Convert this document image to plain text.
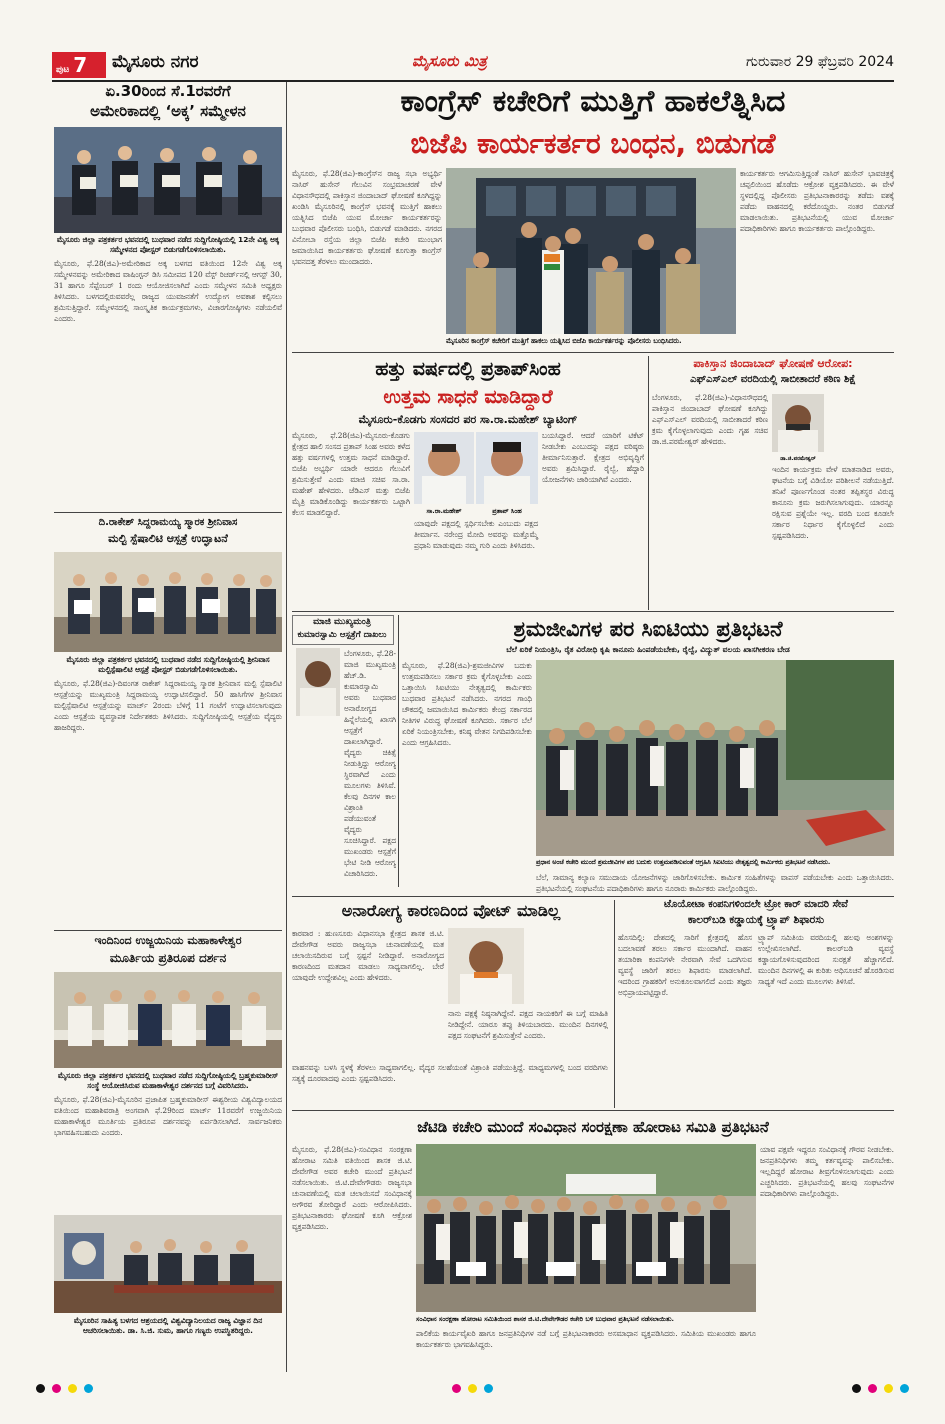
ಪುಟ 7	ಮೈಸೂರು ನಗರ	ಮೈಸೂರು ಮಿತ್ರ	ಗುರುವಾರ 29 ಫೆಬ್ರವರಿ 2024
ಏ.30ರಿಂದ ಸೆ.1ರವರೆಗೆ
ಅಮೇರಿಕಾದಲ್ಲಿ ‘ಅಕ್ಕ’ ಸಮ್ಮೇಳನ
ಮೈಸೂರು ಜಿಲ್ಲಾ ಪತ್ರಕರ್ತರ ಭವನದಲ್ಲಿ ಬುಧವಾರ ನಡೆದ ಸುದ್ದಿಗೋಷ್ಠಿಯಲ್ಲಿ 12ನೇ ವಿಶ್ವ ಅಕ್ಕ ಸಮ್ಮೇಳನದ ಪೋಸ್ಟರ್ ಬಿಡುಗಡೆಗೊಳಿಸಲಾಯಿತು.
ಮೈಸೂರು, ಫೆ.28(ಜಿಎ)-ಅಮೇರಿಕಾದ ಅಕ್ಕ ಬಳಗದ ವತಿಯಿಂದ 12ನೇ ವಿಶ್ವ ಅಕ್ಕ ಸಮ್ಮೇಳನವನ್ನು ಅಮೇರಿಕಾದ ವಾಷಿಂಗ್ಟನ್ ಡಿಸಿ ಸಮೀಪದ 120 ವೆಸ್ಟ್ ರಿಚರ್ಡ್‌ನಲ್ಲಿ ಆಗಸ್ಟ್ 30, 31 ಹಾಗೂ ಸೆಪ್ಟೆಂಬರ್ 1 ರಂದು ಆಯೋಜಿಸಲಾಗಿದೆ ಎಂದು ಸಮ್ಮೇಳನ ಸಮಿತಿ ಅಧ್ಯಕ್ಷರು ತಿಳಿಸಿದರು. ಬಳಗದಲ್ಲಿರುವವರೆಲ್ಲ ರಾಜ್ಯದ ಯುವಜನತೆಗೆ ಉದ್ಯೋಗ ಅವಕಾಶ ಕಲ್ಪಿಸಲು ಶ್ರಮಿಸುತ್ತಿದ್ದಾರೆ. ಸಮ್ಮೇಳನದಲ್ಲಿ ಸಾಂಸ್ಕೃತಿಕ ಕಾರ್ಯಕ್ರಮಗಳು, ವಿಚಾರಗೋಷ್ಠಿಗಳು ನಡೆಯಲಿವೆ ಎಂದರು.
ದಿ.ರಾಕೇಶ್ ಸಿದ್ದರಾಮಯ್ಯ ಸ್ಮಾರಕ ಶ್ರೀನಿವಾಸ
ಮಲ್ಟಿ ಸ್ಪೆಷಾಲಿಟಿ ಆಸ್ಪತ್ರೆ ಉದ್ಘಾಟನೆ
ಮೈಸೂರು ಜಿಲ್ಲಾ ಪತ್ರಕರ್ತರ ಭವನದಲ್ಲಿ ಬುಧವಾರ ನಡೆದ ಸುದ್ದಿಗೋಷ್ಠಿಯಲ್ಲಿ ಶ್ರೀನಿವಾಸ ಮಲ್ಟಿಸ್ಪೆಷಾಲಿಟಿ ಆಸ್ಪತ್ರೆ ಪೋಸ್ಟರ್ ಬಿಡುಗಡೆಗೊಳಿಸಲಾಯಿತು.
ಮೈಸೂರು, ಫೆ.28(ಜಿಎ)-ದಿವಂಗತ ರಾಕೇಶ್ ಸಿದ್ದರಾಮಯ್ಯ ಸ್ಮಾರಕ ಶ್ರೀನಿವಾಸ ಮಲ್ಟಿ ಸ್ಪೆಷಾಲಿಟಿ ಆಸ್ಪತ್ರೆಯನ್ನು ಮುಖ್ಯಮಂತ್ರಿ ಸಿದ್ದರಾಮಯ್ಯ ಉದ್ಘಾಟಿಸಲಿದ್ದಾರೆ. 50 ಹಾಸಿಗೆಗಳ ಶ್ರೀನಿವಾಸ ಮಲ್ಟಿಸ್ಪೆಷಾಲಿಟಿ ಆಸ್ಪತ್ರೆಯನ್ನು ಮಾರ್ಚ್ 2ರಂದು ಬೆಳಿಗ್ಗೆ 11 ಗಂಟೆಗೆ ಉದ್ಘಾಟಿಸಲಾಗುವುದು ಎಂದು ಆಸ್ಪತ್ರೆಯ ವ್ಯವಸ್ಥಾಪಕ ನಿರ್ದೇಶಕರು ತಿಳಿಸಿದರು. ಸುದ್ದಿಗೋಷ್ಠಿಯಲ್ಲಿ ಆಸ್ಪತ್ರೆಯ ವೈದ್ಯರು ಹಾಜರಿದ್ದರು.
ಇಂದಿನಿಂದ ಉಜ್ಜಯಿನಿಯ ಮಹಾಕಾಳೇಶ್ವರ
ಮೂರ್ತಿಯ ಪ್ರತಿರೂಪ ದರ್ಶನ
ಮೈಸೂರು ಜಿಲ್ಲಾ ಪತ್ರಕರ್ತರ ಭವನದಲ್ಲಿ ಬುಧವಾರ ನಡೆದ ಸುದ್ದಿಗೋಷ್ಠಿಯಲ್ಲಿ ಬ್ರಹ್ಮಕುಮಾರೀಸ್ ಸಂಸ್ಥೆ ಆಯೋಜಿಸಿರುವ ಮಹಾಕಾಳೇಶ್ವರ ದರ್ಶನದ ಬಗ್ಗೆ ವಿವರಿಸಿದರು.
ಮೈಸೂರು, ಫೆ.28(ಜಿಎ)-ಮೈಸೂರಿನ ಪ್ರಜಾಪಿತ ಬ್ರಹ್ಮಕುಮಾರೀಸ್ ಈಶ್ವರೀಯ ವಿಶ್ವವಿದ್ಯಾಲಯದ ವತಿಯಿಂದ ಮಹಾಶಿವರಾತ್ರಿ ಅಂಗವಾಗಿ ಫೆ.29ರಿಂದ ಮಾರ್ಚ್ 11ರವರೆಗೆ ಉಜ್ಜಯಿನಿಯ ಮಹಾಕಾಳೇಶ್ವರ ಮೂರ್ತಿಯ ಪ್ರತಿರೂಪ ದರ್ಶನವನ್ನು ಏರ್ಪಡಿಸಲಾಗಿದೆ. ಸಾರ್ವಜನಿಕರು ಭಾಗವಹಿಸಬಹುದು ಎಂದರು.
ಮೈಸೂರಿನ ಸಾಹಿತ್ಯ ಬಳಗದ ಆಶ್ರಯದಲ್ಲಿ ವಿಶ್ವವಿದ್ಯಾನಿಲಯದ ರಾಜ್ಯ ವಿಜ್ಞಾನ ದಿನ ಆಚರಿಸಲಾಯಿತು. ಡಾ. ಸಿ.ಜಿ. ಸುಮ, ಹಾಗೂ ಗಣ್ಯರು ಉಪಸ್ಥಿತರಿದ್ದರು.
ಕಾಂಗ್ರೆಸ್ ಕಚೇರಿಗೆ ಮುತ್ತಿಗೆ ಹಾಕಲೆತ್ನಿಸಿದ
ಬಿಜೆಪಿ ಕಾರ್ಯಕರ್ತರ ಬಂಧನ, ಬಿಡುಗಡೆ
ಮೈಸೂರು, ಫೆ.28(ಜಿಎ)-ಕಾಂಗ್ರೆಸ್‌ನ ರಾಜ್ಯ ಸಭಾ ಅಭ್ಯರ್ಥಿ ನಾಸಿರ್ ಹುಸೇನ್ ಗೆಲುವಿನ ಸಂಭ್ರಮಾಚರಣೆ ವೇಳೆ ವಿಧಾನಸೌಧದಲ್ಲಿ ಪಾಕಿಸ್ತಾನ ಜಿಂದಾಬಾದ್ ಘೋಷಣೆ ಕೂಗಿದ್ದನ್ನು ಖಂಡಿಸಿ ಮೈಸೂರಿನಲ್ಲಿ ಕಾಂಗ್ರೆಸ್ ಭವನಕ್ಕೆ ಮುತ್ತಿಗೆ ಹಾಕಲು ಯತ್ನಿಸಿದ ಬಿಜೆಪಿ ಯುವ ಮೋರ್ಚಾ ಕಾರ್ಯಕರ್ತರನ್ನು ಬುಧವಾರ ಪೊಲೀಸರು ಬಂಧಿಸಿ, ಬಿಡುಗಡೆ ಮಾಡಿದರು. ನಗರದ ವಿನೋಬಾ ರಸ್ತೆಯ ಜಿಲ್ಲಾ ಬಿಜೆಪಿ ಕಚೇರಿ ಮುಂಭಾಗ ಜಮಾಯಿಸಿದ ಕಾರ್ಯಕರ್ತರು ಘೋಷಣೆ ಕೂಗುತ್ತಾ ಕಾಂಗ್ರೆಸ್ ಭವನದತ್ತ ತೆರಳಲು ಮುಂದಾದರು.
ಮೈಸೂರಿನ ಕಾಂಗ್ರೆಸ್ ಕಚೇರಿಗೆ ಮುತ್ತಿಗೆ ಹಾಕಲು ಯತ್ನಿಸಿದ ಬಿಜೆಪಿ ಕಾರ್ಯಕರ್ತರನ್ನು ಪೊಲೀಸರು ಬಂಧಿಸಿದರು.
ಕಾರ್ಯಕರ್ತರು ಆಗಮಿಸುತ್ತಿದ್ದಂತೆ ನಾಸಿರ್ ಹುಸೇನ್ ಭಾವಚಿತ್ರಕ್ಕೆ ಚಪ್ಪಲಿಯಿಂದ ಹೊಡೆದು ಆಕ್ರೋಶ ವ್ಯಕ್ತಪಡಿಸಿದರು. ಈ ವೇಳೆ ಸ್ಥಳದಲ್ಲಿದ್ದ ಪೊಲೀಸರು ಪ್ರತಿಭಟನಾಕಾರರನ್ನು ತಡೆದು ವಶಕ್ಕೆ ಪಡೆದು ವಾಹನದಲ್ಲಿ ಕರೆದೊಯ್ದರು. ನಂತರ ಬಿಡುಗಡೆ ಮಾಡಲಾಯಿತು. ಪ್ರತಿಭಟನೆಯಲ್ಲಿ ಯುವ ಮೋರ್ಚಾ ಪದಾಧಿಕಾರಿಗಳು ಹಾಗೂ ಕಾರ್ಯಕರ್ತರು ಪಾಲ್ಗೊಂಡಿದ್ದರು.
ಹತ್ತು ವರ್ಷದಲ್ಲಿ ಪ್ರತಾಪ್‌ಸಿಂಹ
ಉತ್ತಮ ಸಾಧನೆ ಮಾಡಿದ್ದಾರೆ
ಮೈಸೂರು-ಕೊಡಗು ಸಂಸದರ ಪರ ಸಾ.ರಾ.ಮಹೇಶ್ ಬ್ಯಾಟಿಂಗ್
ಮೈಸೂರು, ಫೆ.28(ಜಿಎ)-ಮೈಸೂರು-ಕೊಡಗು ಕ್ಷೇತ್ರದ ಹಾಲಿ ಸಂಸದ ಪ್ರತಾಪ್ ಸಿಂಹ ಅವರು ಕಳೆದ ಹತ್ತು ವರ್ಷಗಳಲ್ಲಿ ಉತ್ತಮ ಸಾಧನೆ ಮಾಡಿದ್ದಾರೆ. ಬಿಜೆಪಿ ಅಭ್ಯರ್ಥಿ ಯಾರೇ ಆದರೂ ಗೆಲುವಿಗೆ ಶ್ರಮಿಸುತ್ತೇವೆ ಎಂದು ಮಾಜಿ ಸಚಿವ ಸಾ.ರಾ. ಮಹೇಶ್ ಹೇಳಿದರು. ಜೆಡಿಎಸ್ ಮತ್ತು ಬಿಜೆಪಿ ಮೈತ್ರಿ ಮಾಡಿಕೊಂಡಿದ್ದು ಕಾರ್ಯಕರ್ತರು ಒಟ್ಟಾಗಿ ಕೆಲಸ ಮಾಡಲಿದ್ದಾರೆ.	ಸಾ.ರಾ.ಮಹೇಶ್	ಪ್ರತಾಪ್ ಸಿಂಹ
ಯಾವುದೇ ಪಕ್ಷದಲ್ಲಿ ಸ್ಪರ್ಧಿಸಬೇಕು ಎಂಬುದು ಪಕ್ಷದ ತೀರ್ಮಾನ. ನರೇಂದ್ರ ಮೋದಿ ಅವರನ್ನು ಮತ್ತೊಮ್ಮೆ ಪ್ರಧಾನಿ ಮಾಡುವುದು ನಮ್ಮ ಗುರಿ ಎಂದು ತಿಳಿಸಿದರು.
ಬಯಸಿದ್ದಾರೆ. ಆದರೆ ಯಾರಿಗೆ ಟಿಕೆಟ್ ನೀಡಬೇಕು ಎಂಬುದನ್ನು ಪಕ್ಷದ ವರಿಷ್ಠರು ತೀರ್ಮಾನಿಸುತ್ತಾರೆ. ಕ್ಷೇತ್ರದ ಅಭಿವೃದ್ಧಿಗೆ ಅವರು ಶ್ರಮಿಸಿದ್ದಾರೆ. ರೈಲ್ವೆ, ಹೆದ್ದಾರಿ ಯೋಜನೆಗಳು ಜಾರಿಯಾಗಿವೆ ಎಂದರು.
ಪಾಕಿಸ್ತಾನ ಜಿಂದಾಬಾದ್ ಘೋಷಣೆ ಆರೋಪ:
ಎಫ್‌ಎಸ್‌ಎಲ್ ವರದಿಯಲ್ಲಿ ಸಾಬೀತಾದರೆ ಕಠಿಣ ಶಿಕ್ಷೆ
ಬೆಂಗಳೂರು, ಫೆ.28(ಜಿಎ)-ವಿಧಾನಸೌಧದಲ್ಲಿ ಪಾಕಿಸ್ತಾನ ಜಿಂದಾಬಾದ್ ಘೋಷಣೆ ಕೂಗಿದ್ದು ಎಫ್‌ಎಸ್‌ಎಲ್ ವರದಿಯಲ್ಲಿ ಸಾಬೀತಾದರೆ ಕಠಿಣ ಕ್ರಮ ಕೈಗೊಳ್ಳಲಾಗುವುದು ಎಂದು ಗೃಹ ಸಚಿವ ಡಾ.ಜಿ.ಪರಮೇಶ್ವರ್ ಹೇಳಿದರು.
ಡಾ.ಜಿ.ಪರಮೇಶ್ವರ್
ಇಂದಿನ ಕಾರ್ಯಕ್ರಮ ವೇಳೆ ಮಾತನಾಡಿದ ಅವರು, ಘಟನೆಯ ಬಗ್ಗೆ ವಿಡಿಯೋ ಪರಿಶೀಲನೆ ನಡೆಯುತ್ತಿದೆ. ತನಿಖೆ ಪೂರ್ಣಗೊಂಡ ನಂತರ ತಪ್ಪಿತಸ್ಥರ ವಿರುದ್ಧ ಕಾನೂನು ಕ್ರಮ ಜರುಗಿಸಲಾಗುವುದು. ಯಾರನ್ನೂ ರಕ್ಷಿಸುವ ಪ್ರಶ್ನೆಯೇ ಇಲ್ಲ. ವರದಿ ಬಂದ ಕೂಡಲೇ ಸರ್ಕಾರ ನಿರ್ಧಾರ ಕೈಗೊಳ್ಳಲಿದೆ ಎಂದು ಸ್ಪಷ್ಟಪಡಿಸಿದರು.
ಮಾಜಿ ಮುಖ್ಯಮಂತ್ರಿ
ಕುಮಾರಸ್ವಾಮಿ ಆಸ್ಪತ್ರೆಗೆ ದಾಖಲು
ಬೆಂಗಳೂರು, ಫೆ.28-ಮಾಜಿ ಮುಖ್ಯಮಂತ್ರಿ ಹೆಚ್.ಡಿ. ಕುಮಾರಸ್ವಾಮಿ ಅವರು ಬುಧವಾರ ಅನಾರೋಗ್ಯದ ಹಿನ್ನೆಲೆಯಲ್ಲಿ ಖಾಸಗಿ ಆಸ್ಪತ್ರೆಗೆ ದಾಖಲಾಗಿದ್ದಾರೆ. ವೈದ್ಯರು ಚಿಕಿತ್ಸೆ ನೀಡುತ್ತಿದ್ದು ಆರೋಗ್ಯ ಸ್ಥಿರವಾಗಿದೆ ಎಂದು ಮೂಲಗಳು ತಿಳಿಸಿವೆ. ಕೆಲವು ದಿನಗಳ ಕಾಲ ವಿಶ್ರಾಂತಿ ಪಡೆಯುವಂತೆ ವೈದ್ಯರು ಸೂಚಿಸಿದ್ದಾರೆ. ಪಕ್ಷದ ಮುಖಂಡರು ಆಸ್ಪತ್ರೆಗೆ ಭೇಟಿ ನೀಡಿ ಆರೋಗ್ಯ ವಿಚಾರಿಸಿದರು.
ಶ್ರಮಜೀವಿಗಳ ಪರ ಸಿಐಟಿಯು ಪ್ರತಿಭಟನೆ
ಬೆಲೆ ಏರಿಕೆ ನಿಯಂತ್ರಿಸಿ, ರೈತ ವಿರೋಧಿ ಕೃಷಿ ಕಾನೂನು ಹಿಂಪಡೆಯಬೇಕು, ರೈಲ್ವೆ, ವಿದ್ಯುತ್ ವಲಯ ಖಾಸಗೀಕರಣ ಬೇಡ
ಮೈಸೂರು, ಫೆ.28(ಜಿಎ)-ಶ್ರಮಜೀವಿಗಳ ಬದುಕು ಉತ್ತಮಪಡಿಸಲು ಸರ್ಕಾರ ಕ್ರಮ ಕೈಗೊಳ್ಳಬೇಕು ಎಂದು ಒತ್ತಾಯಿಸಿ ಸಿಐಟಿಯು ನೇತೃತ್ವದಲ್ಲಿ ಕಾರ್ಮಿಕರು ಬುಧವಾರ ಪ್ರತಿಭಟನೆ ನಡೆಸಿದರು. ನಗರದ ಗಾಂಧಿ ಚೌಕದಲ್ಲಿ ಜಮಾಯಿಸಿದ ಕಾರ್ಮಿಕರು ಕೇಂದ್ರ ಸರ್ಕಾರದ ನೀತಿಗಳ ವಿರುದ್ಧ ಘೋಷಣೆ ಕೂಗಿದರು. ಸರ್ಕಾರ ಬೆಲೆ ಏರಿಕೆ ನಿಯಂತ್ರಿಸಬೇಕು, ಕನಿಷ್ಠ ವೇತನ ನಿಗದಿಪಡಿಸಬೇಕು ಎಂದು ಆಗ್ರಹಿಸಿದರು.
ಪ್ರಧಾನ ಅಂಚೆ ಕಚೇರಿ ಮುಂದೆ ಶ್ರಮಜೀವಿಗಳ ಪರ ಬದುಕು ಉತ್ತಮಪಡಿಸುವಂತೆ ಆಗ್ರಹಿಸಿ ಸಿಐಟಿಯು ನೇತೃತ್ವದಲ್ಲಿ ಕಾರ್ಮಿಕರು ಪ್ರತಿಭಟನೆ ನಡೆಸಿದರು.
ಬೆಲೆ, ಸಾಮಾನ್ಯ ಕಲ್ಯಾಣ ಸಮುದಾಯ ಯೋಜನೆಗಳನ್ನು ಜಾರಿಗೊಳಿಸಬೇಕು. ಕಾರ್ಮಿಕ ಸಂಹಿತೆಗಳನ್ನು ವಾಪಸ್ ಪಡೆಯಬೇಕು ಎಂದು ಒತ್ತಾಯಿಸಿದರು. ಪ್ರತಿಭಟನೆಯಲ್ಲಿ ಸಂಘಟನೆಯ ಪದಾಧಿಕಾರಿಗಳು ಹಾಗೂ ನೂರಾರು ಕಾರ್ಮಿಕರು ಪಾಲ್ಗೊಂಡಿದ್ದರು.
ಅನಾರೋಗ್ಯ ಕಾರಣದಿಂದ ವೋಟ್ ಮಾಡಿಲ್ಲ
ಕಾರವಾರ : ಹುಣಸೂರು ವಿಧಾನಸಭಾ ಕ್ಷೇತ್ರದ ಶಾಸಕ ಜಿ.ಟಿ. ದೇವೇಗೌಡ ಅವರು ರಾಜ್ಯಸಭಾ ಚುನಾವಣೆಯಲ್ಲಿ ಮತ ಚಲಾಯಿಸದಿರುವ ಬಗ್ಗೆ ಸ್ಪಷ್ಟನೆ ನೀಡಿದ್ದಾರೆ. ಅನಾರೋಗ್ಯದ ಕಾರಣದಿಂದ ಮತದಾನ ಮಾಡಲು ಸಾಧ್ಯವಾಗಲಿಲ್ಲ. ಬೇರೆ ಯಾವುದೇ ಉದ್ದೇಶವಿಲ್ಲ ಎಂದು ಹೇಳಿದರು.
ನಾನು ಪಕ್ಷಕ್ಕೆ ನಿಷ್ಠನಾಗಿದ್ದೇನೆ. ಪಕ್ಷದ ನಾಯಕರಿಗೆ ಈ ಬಗ್ಗೆ ಮಾಹಿತಿ ನೀಡಿದ್ದೇನೆ. ಯಾರೂ ತಪ್ಪು ತಿಳಿಯಬಾರದು. ಮುಂದಿನ ದಿನಗಳಲ್ಲಿ ಪಕ್ಷದ ಸಂಘಟನೆಗೆ ಶ್ರಮಿಸುತ್ತೇನೆ ಎಂದರು.
ವಾಹನವನ್ನು ಬಳಸಿ ಸ್ಥಳಕ್ಕೆ ತೆರಳಲು ಸಾಧ್ಯವಾಗಲಿಲ್ಲ. ವೈದ್ಯರ ಸಲಹೆಯಂತೆ ವಿಶ್ರಾಂತಿ ಪಡೆಯುತ್ತಿದ್ದೆ. ಮಾಧ್ಯಮಗಳಲ್ಲಿ ಬಂದ ವರದಿಗಳು ಸತ್ಯಕ್ಕೆ ದೂರವಾದವು ಎಂದು ಸ್ಪಷ್ಟಪಡಿಸಿದರು.
ಟೊಯೋಟಾ ಕಂಪನಿಗಳಿಂದಲೇ ಟ್ರೋ ಕಾರ್ ಮಾದರಿ ಸೇವೆ
ಕಾಲರ್‌ಬಡಿ ಕಡ್ಡಾಯಕ್ಕೆ ಟ್ರ್ಯಾಪ್ ಶಿಫಾರಸು
ಹೊಸದಿಲ್ಲಿ: ದೇಶದಲ್ಲಿ ಸಾರಿಗೆ ಕ್ಷೇತ್ರದಲ್ಲಿ ಹೊಸ ಬದಲಾವಣೆ ತರಲು ಸರ್ಕಾರ ಮುಂದಾಗಿದೆ. ವಾಹನ ತಯಾರಿಕಾ ಕಂಪನಿಗಳೇ ನೇರವಾಗಿ ಸೇವೆ ಒದಗಿಸುವ ವ್ಯವಸ್ಥೆ ಜಾರಿಗೆ ತರಲು ಶಿಫಾರಸು ಮಾಡಲಾಗಿದೆ. ಇದರಿಂದ ಗ್ರಾಹಕರಿಗೆ ಅನುಕೂಲವಾಗಲಿದೆ ಎಂದು ತಜ್ಞರು ಅಭಿಪ್ರಾಯಪಟ್ಟಿದ್ದಾರೆ.
ಟ್ರ್ಯಾಪ್ ಸಮಿತಿಯ ವರದಿಯಲ್ಲಿ ಹಲವು ಅಂಶಗಳನ್ನು ಉಲ್ಲೇಖಿಸಲಾಗಿದೆ. ಕಾಲರ್‌ಬಡಿ ವ್ಯವಸ್ಥೆ ಕಡ್ಡಾಯಗೊಳಿಸುವುದರಿಂದ ಸುರಕ್ಷತೆ ಹೆಚ್ಚಾಗಲಿದೆ. ಮುಂದಿನ ದಿನಗಳಲ್ಲಿ ಈ ಕುರಿತು ಅಧಿಸೂಚನೆ ಹೊರಡಿಸುವ ಸಾಧ್ಯತೆ ಇದೆ ಎಂದು ಮೂಲಗಳು ತಿಳಿಸಿವೆ.
ಜೆಟಿಡಿ ಕಚೇರಿ ಮುಂದೆ ಸಂವಿಧಾನ ಸಂರಕ್ಷಣಾ ಹೋರಾಟ ಸಮಿತಿ ಪ್ರತಿಭಟನೆ
ಮೈಸೂರು, ಫೆ.28(ಜಿಎ)-ಸಂವಿಧಾನ ಸಂರಕ್ಷಣಾ ಹೋರಾಟ ಸಮಿತಿ ವತಿಯಿಂದ ಶಾಸಕ ಜಿ.ಟಿ. ದೇವೇಗೌಡ ಅವರ ಕಚೇರಿ ಮುಂದೆ ಪ್ರತಿಭಟನೆ ನಡೆಸಲಾಯಿತು. ಜಿ.ಟಿ.ದೇವೇಗೌಡರು ರಾಜ್ಯಸಭಾ ಚುನಾವಣೆಯಲ್ಲಿ ಮತ ಚಲಾಯಿಸದೆ ಸಂವಿಧಾನಕ್ಕೆ ಅಗೌರವ ತೋರಿದ್ದಾರೆ ಎಂದು ಆರೋಪಿಸಿದರು. ಪ್ರತಿಭಟನಾಕಾರರು ಘೋಷಣೆ ಕೂಗಿ ಆಕ್ರೋಶ ವ್ಯಕ್ತಪಡಿಸಿದರು.
ಸಂವಿಧಾನ ಸಂರಕ್ಷಣಾ ಹೋರಾಟ ಸಮಿತಿಯಿಂದ ಶಾಸಕ ಜಿ.ಟಿ.ದೇವೇಗೌಡರ ಕಚೇರಿ ಬಳಿ ಬುಧವಾರ ಪ್ರತಿಭಟನೆ ನಡೆಸಲಾಯಿತು.
ಪಾಲಿಕೆಯ ಕಾರ್ಯವೈಖರಿ ಹಾಗೂ ಜನಪ್ರತಿನಿಧಿಗಳ ನಡೆ ಬಗ್ಗೆ ಪ್ರತಿಭಟನಾಕಾರರು ಅಸಮಾಧಾನ ವ್ಯಕ್ತಪಡಿಸಿದರು. ಸಮಿತಿಯ ಮುಖಂಡರು ಹಾಗೂ ಕಾರ್ಯಕರ್ತರು ಭಾಗವಹಿಸಿದ್ದರು.
ಯಾವ ಪಕ್ಷವೇ ಇದ್ದರೂ ಸಂವಿಧಾನಕ್ಕೆ ಗೌರವ ನೀಡಬೇಕು. ಜನಪ್ರತಿನಿಧಿಗಳು ತಮ್ಮ ಕರ್ತವ್ಯವನ್ನು ಪಾಲಿಸಬೇಕು. ಇಲ್ಲದಿದ್ದರೆ ಹೋರಾಟ ತೀವ್ರಗೊಳಿಸಲಾಗುವುದು ಎಂದು ಎಚ್ಚರಿಸಿದರು. ಪ್ರತಿಭಟನೆಯಲ್ಲಿ ಹಲವು ಸಂಘಟನೆಗಳ ಪದಾಧಿಕಾರಿಗಳು ಪಾಲ್ಗೊಂಡಿದ್ದರು.
